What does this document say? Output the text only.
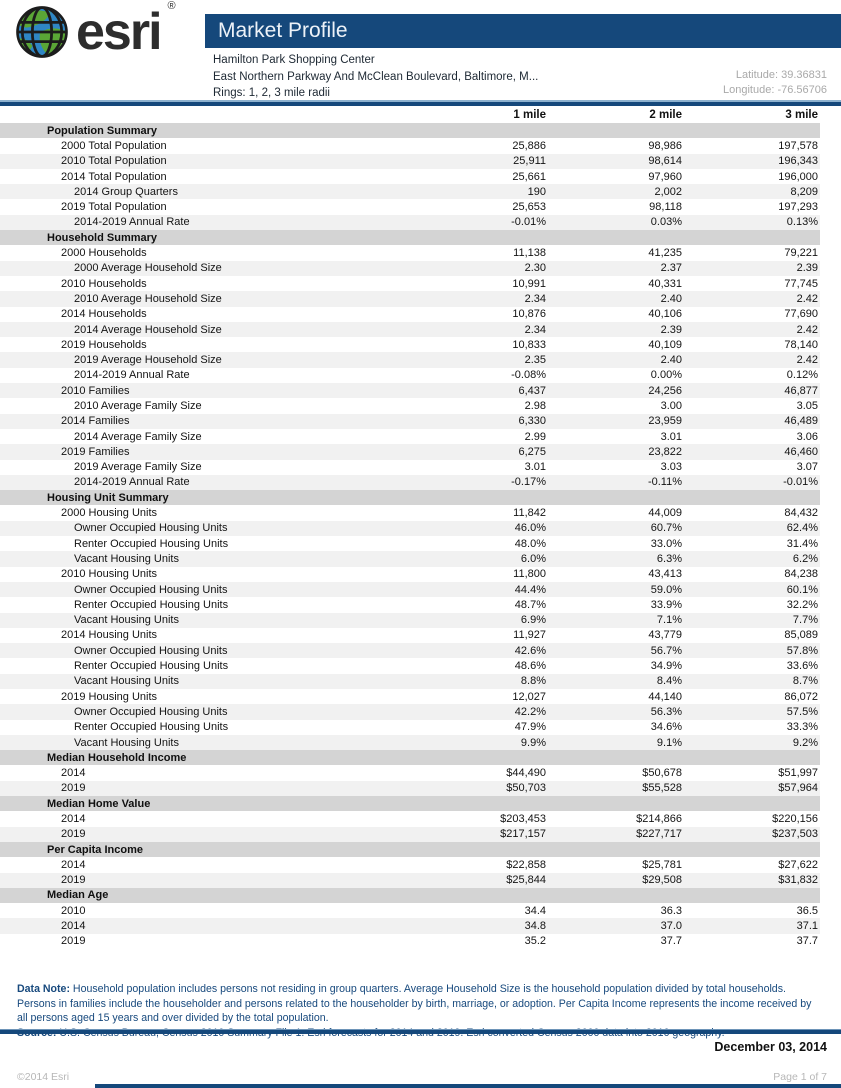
esri ®
Market Profile
Hamilton Park Shopping Center
East Northern Parkway And McClean Boulevard, Baltimore, M...
Rings: 1, 2, 3 mile radii
Latitude: 39.36831
Longitude: -76.56706
	1 mile	2 mile	3 mile
Population Summary			
2000 Total Population	25,886	98,986	197,578
2010 Total Population	25,911	98,614	196,343
2014 Total Population	25,661	97,960	196,000
2014 Group Quarters	190	2,002	8,209
2019 Total Population	25,653	98,118	197,293
2014-2019 Annual Rate	-0.01%	0.03%	0.13%
Household Summary			
2000 Households	11,138	41,235	79,221
2000 Average Household Size	2.30	2.37	2.39
2010 Households	10,991	40,331	77,745
2010 Average Household Size	2.34	2.40	2.42
2014 Households	10,876	40,106	77,690
2014 Average Household Size	2.34	2.39	2.42
2019 Households	10,833	40,109	78,140
2019 Average Household Size	2.35	2.40	2.42
2014-2019 Annual Rate	-0.08%	0.00%	0.12%
2010 Families	6,437	24,256	46,877
2010 Average Family Size	2.98	3.00	3.05
2014 Families	6,330	23,959	46,489
2014 Average Family Size	2.99	3.01	3.06
2019 Families	6,275	23,822	46,460
2019 Average Family Size	3.01	3.03	3.07
2014-2019 Annual Rate	-0.17%	-0.11%	-0.01%
Housing Unit Summary			
2000 Housing Units	11,842	44,009	84,432
Owner Occupied Housing Units	46.0%	60.7%	62.4%
Renter Occupied Housing Units	48.0%	33.0%	31.4%
Vacant Housing Units	6.0%	6.3%	6.2%
2010 Housing Units	11,800	43,413	84,238
Owner Occupied Housing Units	44.4%	59.0%	60.1%
Renter Occupied Housing Units	48.7%	33.9%	32.2%
Vacant Housing Units	6.9%	7.1%	7.7%
2014 Housing Units	11,927	43,779	85,089
Owner Occupied Housing Units	42.6%	56.7%	57.8%
Renter Occupied Housing Units	48.6%	34.9%	33.6%
Vacant Housing Units	8.8%	8.4%	8.7%
2019 Housing Units	12,027	44,140	86,072
Owner Occupied Housing Units	42.2%	56.3%	57.5%
Renter Occupied Housing Units	47.9%	34.6%	33.3%
Vacant Housing Units	9.9%	9.1%	9.2%
Median Household Income			
2014	$44,490	$50,678	$51,997
2019	$50,703	$55,528	$57,964
Median Home Value			
2014	$203,453	$214,866	$220,156
2019	$217,157	$227,717	$237,503
Per Capita Income			
2014	$22,858	$25,781	$27,622
2019	$25,844	$29,508	$31,832
Median Age			
2010	34.4	36.3	36.5
2014	34.8	37.0	37.1
2019	35.2	37.7	37.7
Data Note: Household population includes persons not residing in group quarters. Average Household Size is the household population divided by total households. Persons in families include the householder and persons related to the householder by birth, marriage, or adoption. Per Capita Income represents the income received by all persons aged 15 years and over divided by the total population.
December 03, 2014
©2014 Esri	Page 1 of 7
